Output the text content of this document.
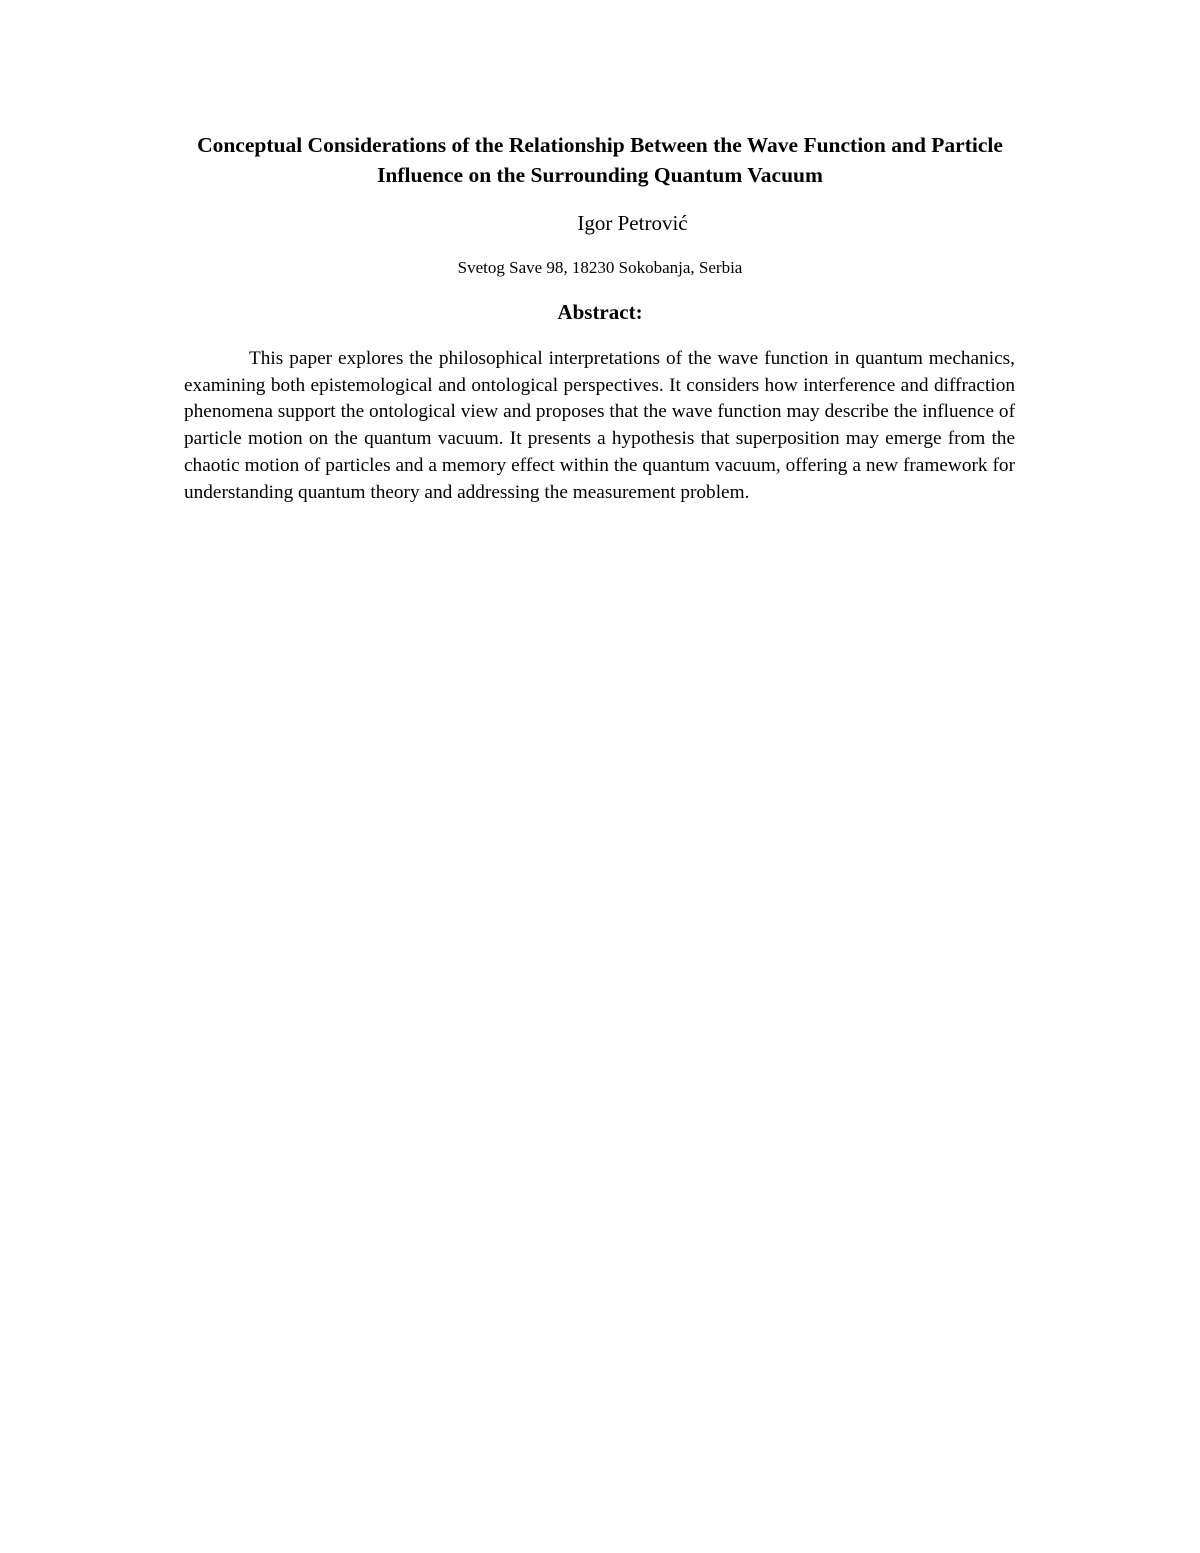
Conceptual Considerations of the Relationship Between the Wave Function and Particle
Influence on the Surrounding Quantum Vacuum

Igor Petrović

Svetog Save 98, 18230 Sokobanja, Serbia

Abstract:

This paper explores the philosophical interpretations of the wave function in quantum mechanics, examining both epistemological and ontological perspectives. It considers how interference and diffraction phenomena support the ontological view and proposes that the wave function may describe the influence of particle motion on the quantum vacuum. It presents a hypothesis that superposition may emerge from the chaotic motion of particles and a memory effect within the quantum vacuum, offering a new framework for understanding quantum theory and addressing the measurement problem.
